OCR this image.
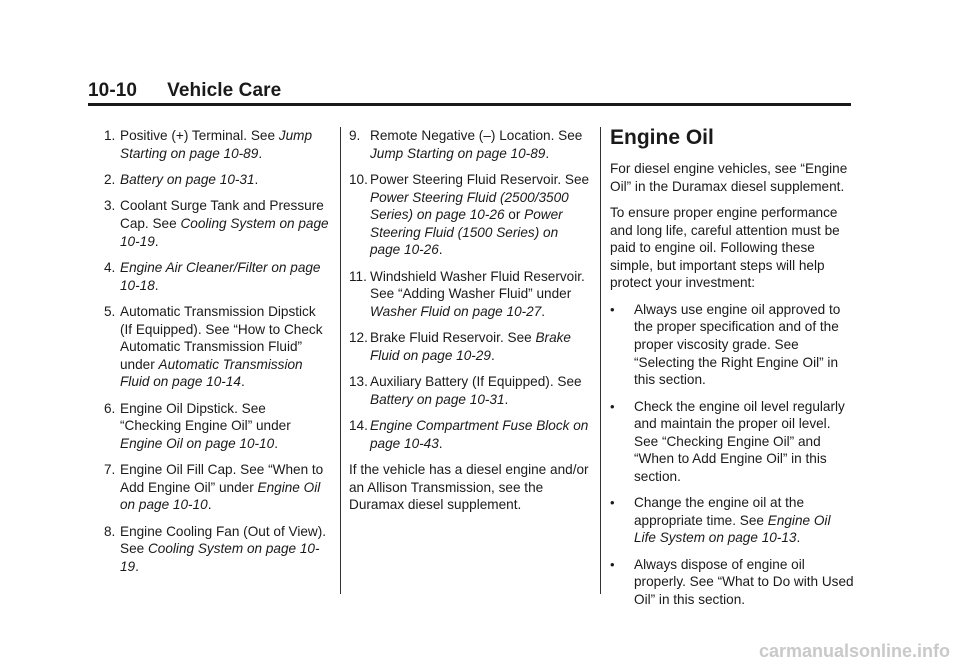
10-10 Vehicle Care
1. Positive (+) Terminal. See Jump Starting on page 10-89.
2. Battery on page 10-31.
3. Coolant Surge Tank and Pressure Cap. See Cooling System on page 10-19.
4. Engine Air Cleaner/Filter on page 10-18.
5. Automatic Transmission Dipstick (If Equipped). See “How to Check Automatic Transmission Fluid” under Automatic Transmission Fluid on page 10-14.
6. Engine Oil Dipstick. See “Checking Engine Oil” under Engine Oil on page 10-10.
7. Engine Oil Fill Cap. See “When to Add Engine Oil” under Engine Oil on page 10-10.
8. Engine Cooling Fan (Out of View). See Cooling System on page 10-19.
9. Remote Negative (–) Location. See Jump Starting on page 10-89.
10. Power Steering Fluid Reservoir. See Power Steering Fluid (2500/3500 Series) on page 10-26 or Power Steering Fluid (1500 Series) on page 10-26.
11. Windshield Washer Fluid Reservoir. See “Adding Washer Fluid” under Washer Fluid on page 10-27.
12. Brake Fluid Reservoir. See Brake Fluid on page 10-29.
13. Auxiliary Battery (If Equipped). See Battery on page 10-31.
14. Engine Compartment Fuse Block on page 10-43.

If the vehicle has a diesel engine and/or an Allison Transmission, see the Duramax diesel supplement.

Engine Oil

For diesel engine vehicles, see “Engine Oil” in the Duramax diesel supplement.

To ensure proper engine performance and long life, careful attention must be paid to engine oil. Following these simple, but important steps will help protect your investment:

•	Always use engine oil approved to the proper specification and of the proper viscosity grade. See “Selecting the Right Engine Oil” in this section.
•	Check the engine oil level regularly and maintain the proper oil level. See “Checking Engine Oil” and “When to Add Engine Oil” in this section.
•	Change the engine oil at the appropriate time. See Engine Oil Life System on page 10-13.
•	Always dispose of engine oil properly. See “What to Do with Used Oil” in this section.
carmanualsonline.info
